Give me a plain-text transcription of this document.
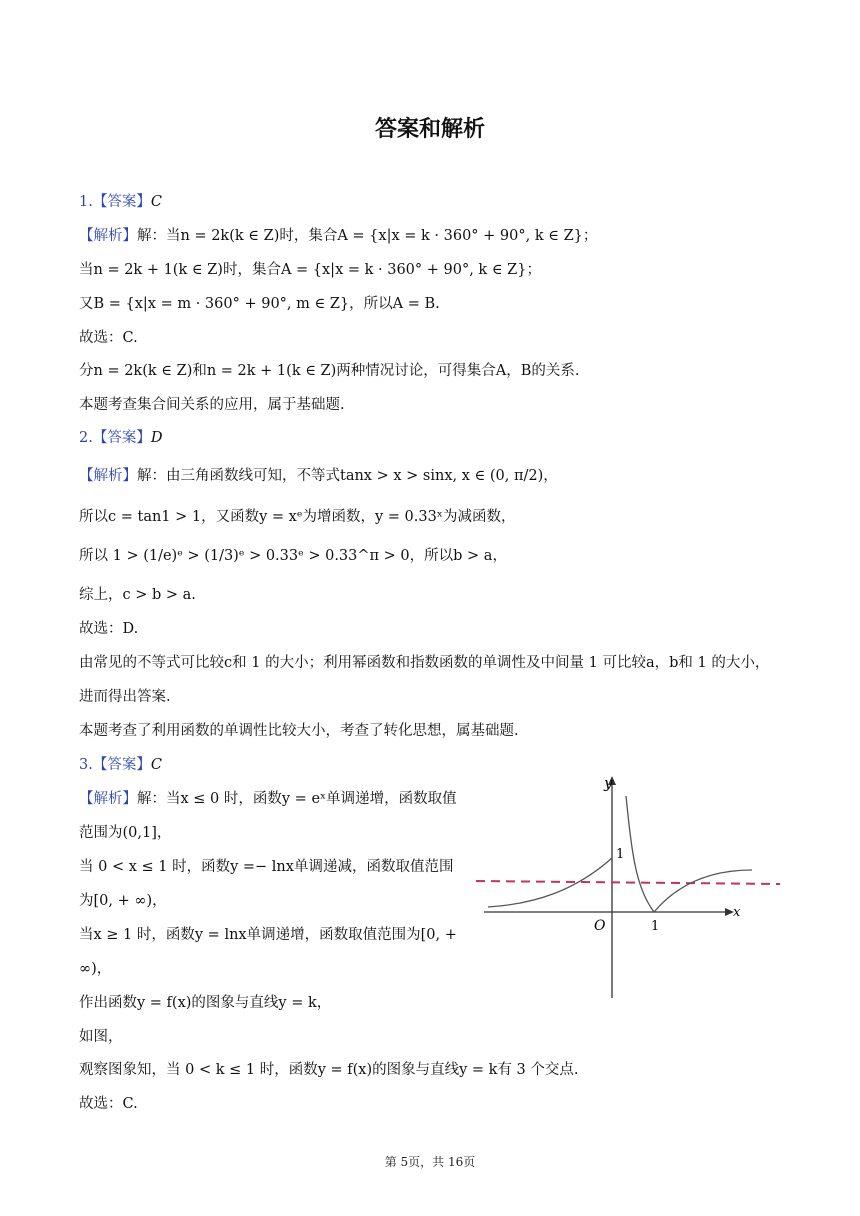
答案和解析
1.【答案】C
【解析】解：当n = 2k(k ∈ Z)时，集合A = {x|x = k · 360° + 90°, k ∈ Z}；
当n = 2k + 1(k ∈ Z)时，集合A = {x|x = k · 360° + 90°, k ∈ Z}；
又B = {x|x = m · 360° + 90°, m ∈ Z}，所以A = B.
故选：C.
分n = 2k(k ∈ Z)和n = 2k + 1(k ∈ Z)两种情况讨论，可得集合A，B的关系.
本题考查集合间关系的应用，属于基础题.
2.【答案】D
【解析】解：由三角函数线可知，不等式tanx > x > sinx, x ∈ (0, π/2)，
所以c = tan1 > 1，又函数y = xᵉ为增函数，y = 0.33ˣ为减函数，
所以 1 > (1/e)ᵉ > (1/3)ᵉ > 0.33ᵉ > 0.33^π > 0，所以b > a，
综上，c > b > a.
故选：D.
由常见的不等式可比较c和 1 的大小；利用幂函数和指数函数的单调性及中间量 1 可比较a，b和 1 的大小，
进而得出答案.
本题考查了利用函数的单调性比较大小，考查了转化思想，属基础题.
3.【答案】C
【解析】解：当x ≤ 0 时，函数y = eˣ单调递增，函数取值
范围为(0,1]，
当 0 < x ≤ 1 时，函数y =− lnx单调递减，函数取值范围
为[0, + ∞)，
当x ≥ 1 时，函数y = lnx单调递增，函数取值范围为[0, +
∞)，
作出函数y = f(x)的图象与直线y = k，
如图，
观察图象知，当 0 < k ≤ 1 时，函数y = f(x)的图象与直线y = k有 3 个交点.
故选：C.
y
x
O
1
1
第 5页，共 16页
